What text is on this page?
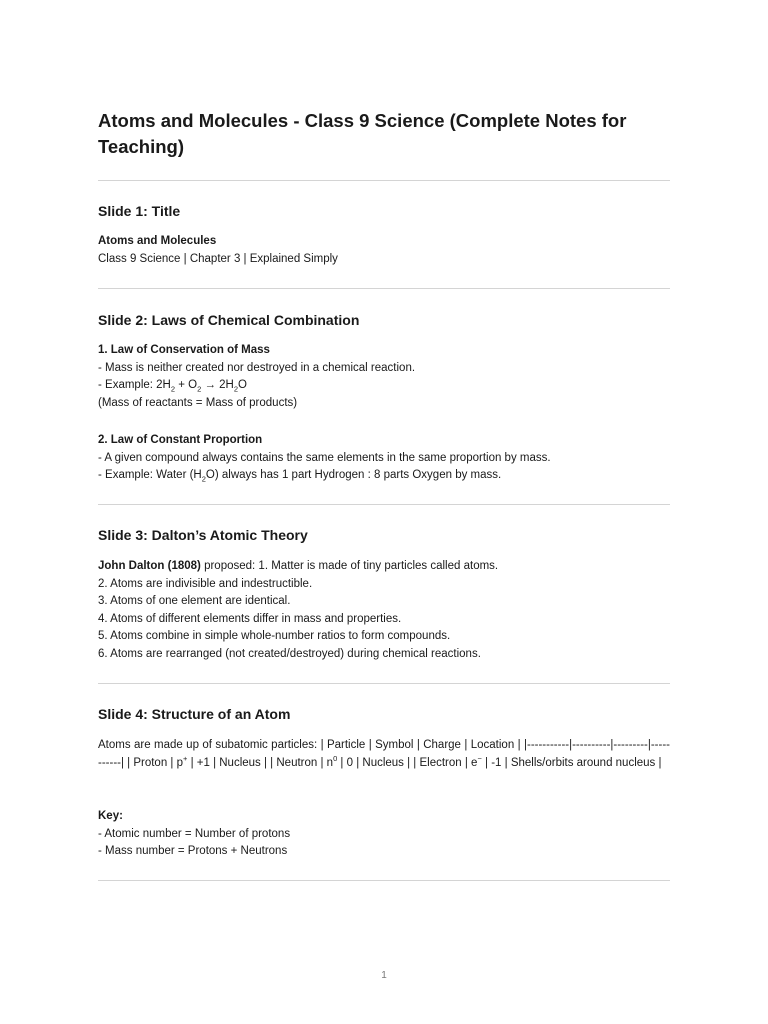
Atoms and Molecules - Class 9 Science (Complete Notes for Teaching)
Slide 1: Title
Atoms and Molecules
Class 9 Science | Chapter 3 | Explained Simply
Slide 2: Laws of Chemical Combination
1. Law of Conservation of Mass
- Mass is neither created nor destroyed in a chemical reaction.
- Example: $2H_2 + O_2 \to 2H_2O$
(Mass of reactants = Mass of products)
2. Law of Constant Proportion
- A given compound always contains the same elements in the same proportion by mass.
- Example: Water $(H_2O)$ always has 1 part Hydrogen : 8 parts Oxygen by mass.
Slide 3: Dalton’s Atomic Theory
John Dalton (1808) proposed: 1. Matter is made of tiny particles called atoms.
2. Atoms are indivisible and indestructible.
3. Atoms of one element are identical.
4. Atoms of different elements differ in mass and properties.
5. Atoms combine in simple whole-number ratios to form compounds.
6. Atoms are rearranged (not created/destroyed) during chemical reactions.
Slide 4: Structure of an Atom
Atoms are made up of subatomic particles: | Particle | Symbol | Charge | Location | |-----------|----------|---------|-----------| | Proton | p+ | +1 | Nucleus | | Neutron | $n^0$ | 0 | Nucleus | | Electron | e− | -1 | Shells/orbits around nucleus |
Key:
- Atomic number = Number of protons
- Mass number = Protons + Neutrons
1
